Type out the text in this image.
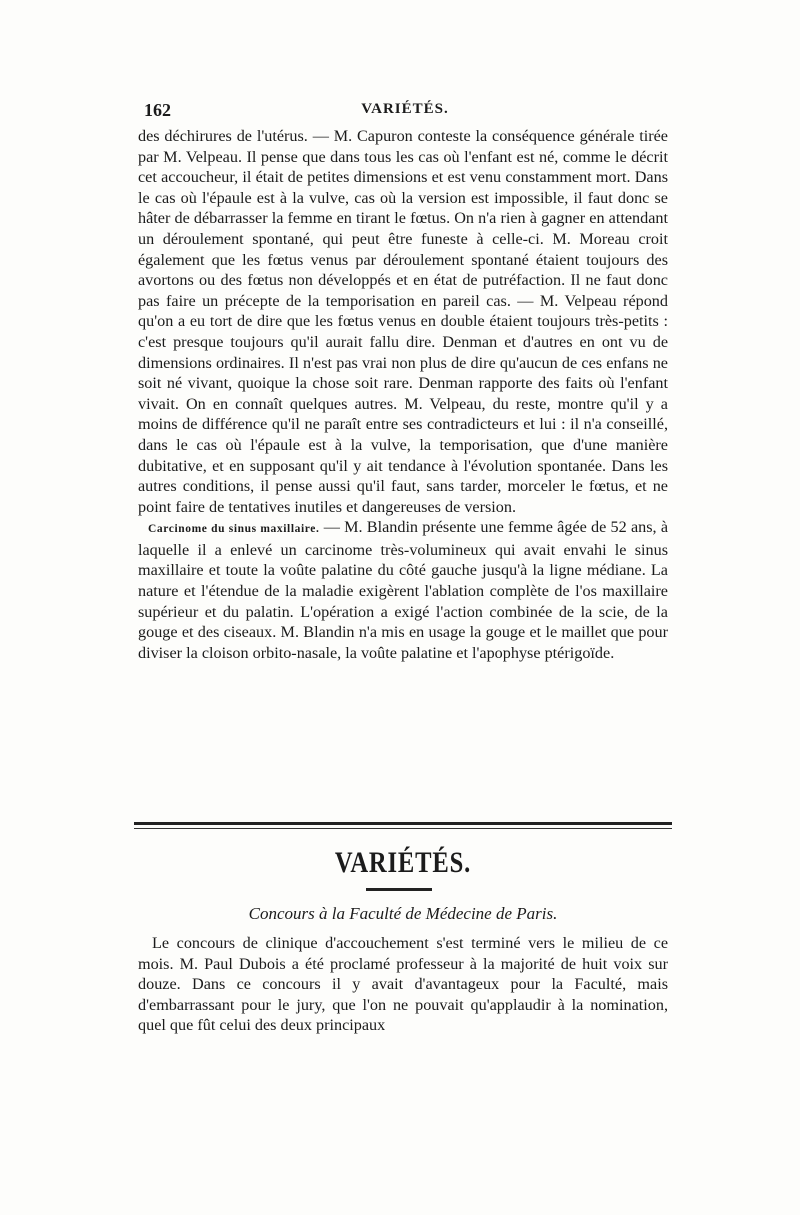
162	VARIÉTÉS.

des déchirures de l'utérus. — M. Capuron conteste la conséquence générale tirée par M. Velpeau. Il pense que dans tous les cas où l'enfant est né, comme le décrit cet accoucheur, il était de petites dimensions et est venu constamment mort. Dans le cas où l'épaule est à la vulve, cas où la version est impossible, il faut donc se hâter de débarrasser la femme en tirant le fœtus. On n'a rien à gagner en attendant un déroulement spontané, qui peut être funeste à celle-ci. M. Moreau croit également que les fœtus venus par déroulement spontané étaient toujours des avortons ou des fœtus non développés et en état de putréfaction. Il ne faut donc pas faire un précepte de la temporisation en pareil cas. — M. Velpeau répond qu'on a eu tort de dire que les fœtus venus en double étaient toujours très-petits : c'est presque toujours qu'il aurait fallu dire. Denman et d'autres en ont vu de dimensions ordinaires. Il n'est pas vrai non plus de dire qu'aucun de ces enfans ne soit né vivant, quoique la chose soit rare. Denman rapporte des faits où l'enfant vivait. On en connaît quelques autres. M. Velpeau, du reste, montre qu'il y a moins de différence qu'il ne paraît entre ses contradicteurs et lui : il n'a conseillé, dans le cas où l'épaule est à la vulve, la temporisation, que d'une manière dubitative, et en supposant qu'il y ait tendance à l'évolution spontanée. Dans les autres conditions, il pense aussi qu'il faut, sans tarder, morceler le fœtus, et ne point faire de tentatives inutiles et dangereuses de version.

Carcinome du sinus maxillaire. — M. Blandin présente une femme âgée de 52 ans, à laquelle il a enlevé un carcinome très-volumineux qui avait envahi le sinus maxillaire et toute la voûte palatine du côté gauche jusqu'à la ligne médiane. La nature et l'étendue de la maladie exigèrent l'ablation complète de l'os maxillaire supérieur et du palatin. L'opération a exigé l'action combinée de la scie, de la gouge et des ciseaux. M. Blandin n'a mis en usage la gouge et le maillet que pour diviser la cloison orbito-nasale, la voûte palatine et l'apophyse ptérigoïde.

VARIÉTÉS.
Concours à la Faculté de Médecine de Paris.

Le concours de clinique d'accouchement s'est terminé vers le milieu de ce mois. M. Paul Dubois a été proclamé professeur à la majorité de huit voix sur douze. Dans ce concours il y avait d'avantageux pour la Faculté, mais d'embarrassant pour le jury, que l'on ne pouvait qu'applaudir à la nomination, quel que fût celui des deux principaux
